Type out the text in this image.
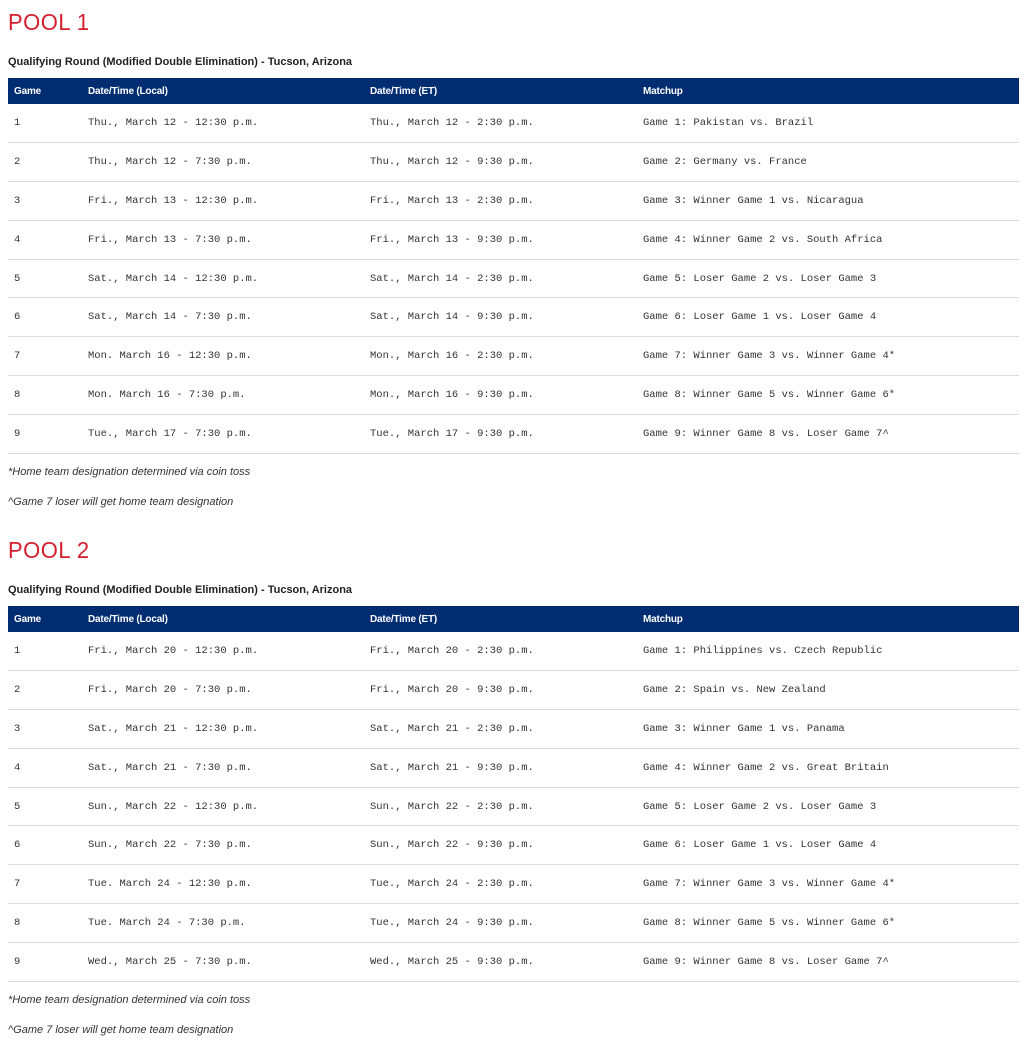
POOL 1

Qualifying Round (Modified Double Elimination) - Tucson, Arizona

Game	Date/Time (Local)	Date/Time (ET)	Matchup
1	Thu., March 12 - 12:30 p.m.	Thu., March 12 - 2:30 p.m.	Game 1: Pakistan vs. Brazil
2	Thu., March 12 - 7:30 p.m.	Thu., March 12 - 9:30 p.m.	Game 2: Germany vs. France
3	Fri., March 13 - 12:30 p.m.	Fri., March 13 - 2:30 p.m.	Game 3: Winner Game 1 vs. Nicaragua
4	Fri., March 13 - 7:30 p.m.	Fri., March 13 - 9:30 p.m.	Game 4: Winner Game 2 vs. South Africa
5	Sat., March 14 - 12:30 p.m.	Sat., March 14 - 2:30 p.m.	Game 5: Loser Game 2 vs. Loser Game 3
6	Sat., March 14 - 7:30 p.m.	Sat., March 14 - 9:30 p.m.	Game 6: Loser Game 1 vs. Loser Game 4
7	Mon. March 16 - 12:30 p.m.	Mon., March 16 - 2:30 p.m.	Game 7: Winner Game 3 vs. Winner Game 4*
8	Mon. March 16 - 7:30 p.m.	Mon., March 16 - 9:30 p.m.	Game 8: Winner Game 5 vs. Winner Game 6*
9	Tue., March 17 - 7:30 p.m.	Tue., March 17 - 9:30 p.m.	Game 9: Winner Game 8 vs. Loser Game 7^

*Home team designation determined via coin toss

^Game 7 loser will get home team designation

POOL 2

Qualifying Round (Modified Double Elimination) - Tucson, Arizona

Game	Date/Time (Local)	Date/Time (ET)	Matchup
1	Fri., March 20 - 12:30 p.m.	Fri., March 20 - 2:30 p.m.	Game 1: Philippines vs. Czech Republic
2	Fri., March 20 - 7:30 p.m.	Fri., March 20 - 9:30 p.m.	Game 2: Spain vs. New Zealand
3	Sat., March 21 - 12:30 p.m.	Sat., March 21 - 2:30 p.m.	Game 3: Winner Game 1 vs. Panama
4	Sat., March 21 - 7:30 p.m.	Sat., March 21 - 9:30 p.m.	Game 4: Winner Game 2 vs. Great Britain
5	Sun., March 22 - 12:30 p.m.	Sun., March 22 - 2:30 p.m.	Game 5: Loser Game 2 vs. Loser Game 3
6	Sun., March 22 - 7:30 p.m.	Sun., March 22 - 9:30 p.m.	Game 6: Loser Game 1 vs. Loser Game 4
7	Tue. March 24 - 12:30 p.m.	Tue., March 24 - 2:30 p.m.	Game 7: Winner Game 3 vs. Winner Game 4*
8	Tue. March 24 - 7:30 p.m.	Tue., March 24 - 9:30 p.m.	Game 8: Winner Game 5 vs. Winner Game 6*
9	Wed., March 25 - 7:30 p.m.	Wed., March 25 - 9:30 p.m.	Game 9: Winner Game 8 vs. Loser Game 7^

*Home team designation determined via coin toss

^Game 7 loser will get home team designation
